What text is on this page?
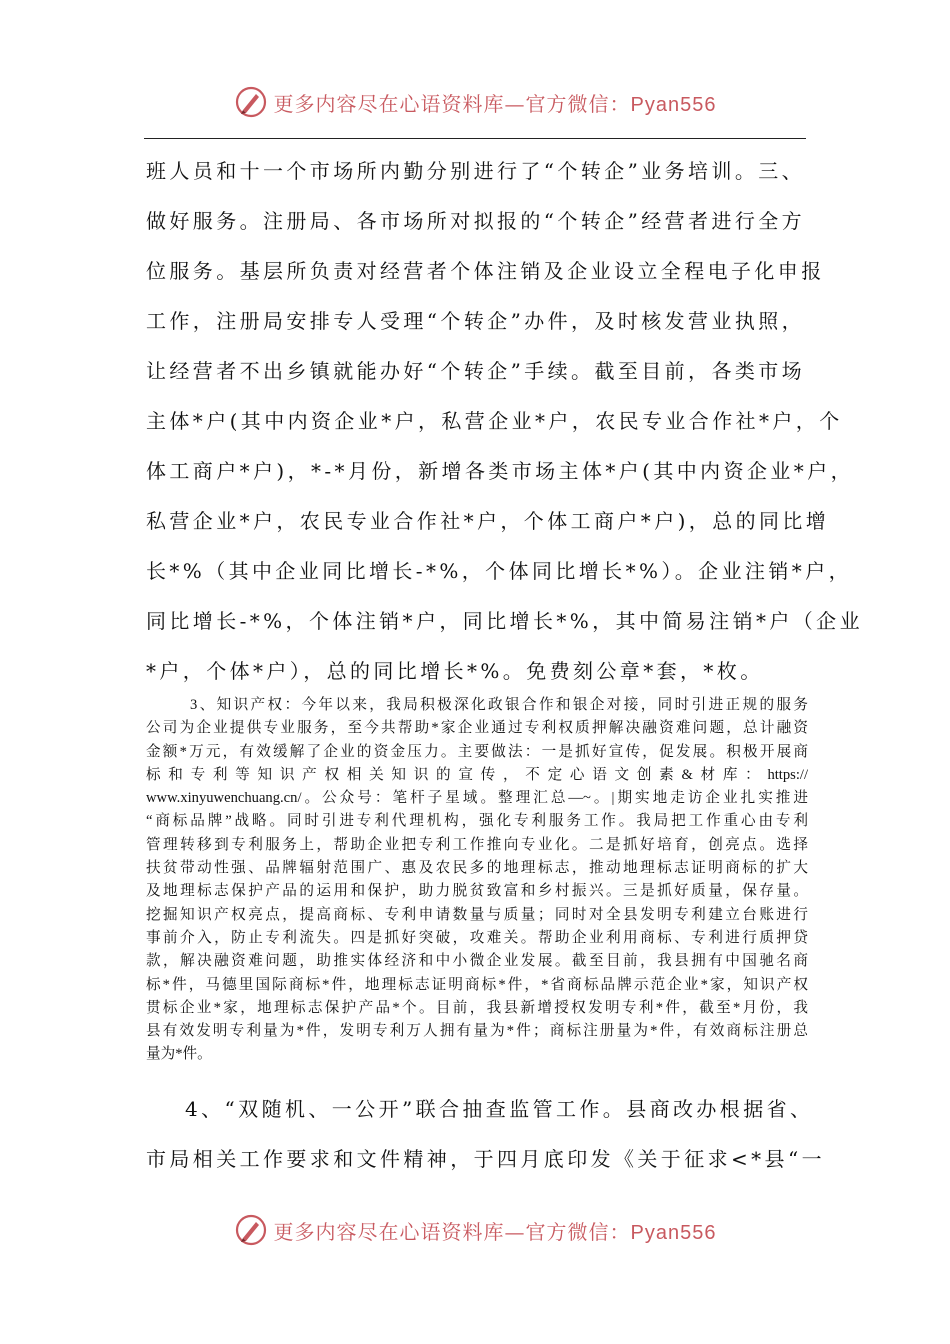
更多内容尽在心语资料库—官方微信：Pyan556
班人员和十一个市场所内勤分别进行了“个转企”业务培训。三、
做好服务。注册局、各市场所对拟报的“个转企”经营者进行全方
位服务。基层所负责对经营者个体注销及企业设立全程电子化申报
工作，注册局安排专人受理“个转企”办件，及时核发营业执照，
让经营者不出乡镇就能办好“个转企”手续。截至目前，各类市场
主体*户(其中内资企业*户，私营企业*户，农民专业合作社*户，个
体工商户*户)，*-*月份，新增各类市场主体*户(其中内资企业*户，
私营企业*户，农民专业合作社*户，个体工商户*户)，总的同比增
长*%（其中企业同比增长-*%，个体同比增长*%）。企业注销*户，
同比增长-*%，个体注销*户，同比增长*%，其中简易注销*户（企业
*户，个体*户），总的同比增长*%。免费刻公章*套，*枚。
3、知识产权：今年以来，我局积极深化政银合作和银企对接，同时引进正规的服务
公司为企业提供专业服务，至今共帮助*家企业通过专利权质押解决融资难问题，总计融资
金额*万元，有效缓解了企业的资金压力。主要做法：一是抓好宣传，促发展。积极开展商
标和专利等知识产权相关知识的宣传，不定心语文创素&材库：https://
www.xinyuwenchuang.cn/。公众号：笔杆子星域。整理汇总—~。|期实地走访企业扎实推进
“商标品牌”战略。同时引进专利代理机构，强化专利服务工作。我局把工作重心由专利
管理转移到专利服务上，帮助企业把专利工作推向专业化。二是抓好培育，创亮点。选择
扶贫带动性强、品牌辐射范围广、惠及农民多的地理标志，推动地理标志证明商标的扩大
及地理标志保护产品的运用和保护，助力脱贫致富和乡村振兴。三是抓好质量，保存量。
挖掘知识产权亮点，提高商标、专利申请数量与质量；同时对全县发明专利建立台账进行
事前介入，防止专利流失。四是抓好突破，攻难关。帮助企业利用商标、专利进行质押贷
款，解决融资难问题，助推实体经济和中小微企业发展。截至目前，我县拥有中国驰名商
标*件，马德里国际商标*件，地理标志证明商标*件，*省商标品牌示范企业*家，知识产权
贯标企业*家，地理标志保护产品*个。目前，我县新增授权发明专利*件，截至*月份，我
县有效发明专利量为*件，发明专利万人拥有量为*件；商标注册量为*件，有效商标注册总
量为*件。
4、“双随机、一公开”联合抽查监管工作。县商改办根据省、
市局相关工作要求和文件精神，于四月底印发《关于征求<*县“一
更多内容尽在心语资料库—官方微信：Pyan556
